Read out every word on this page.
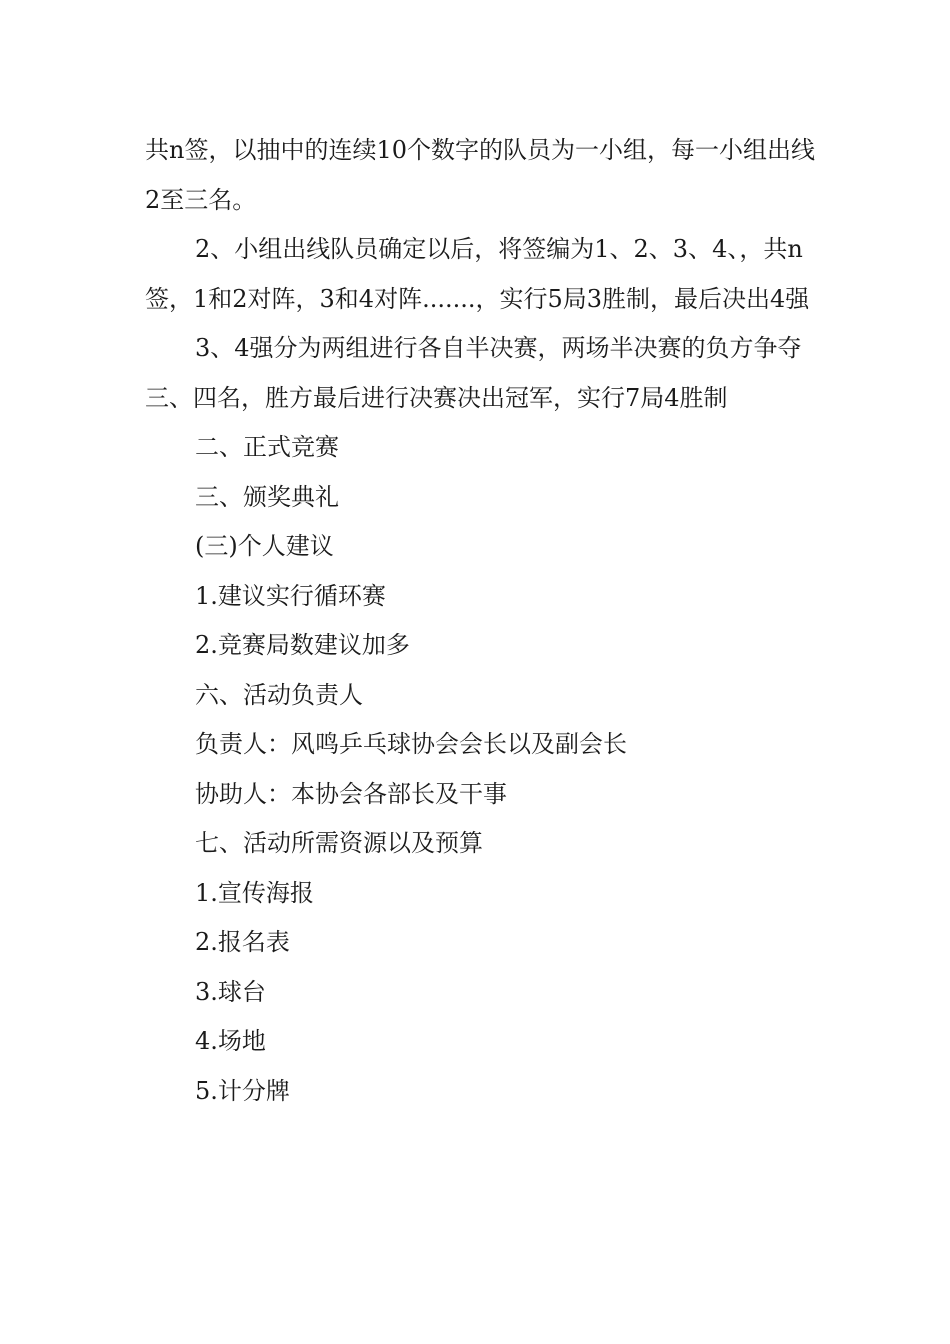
共n签，以抽中的连续10个数字的队员为一小组，每一小组出线2至三名。

2、小组出线队员确定以后，将签编为1、2、3、4、，共n签，1和2对阵，3和4对阵.......，实行5局3胜制，最后决出4强

3、4强分为两组进行各自半决赛，两场半决赛的负方争夺三、四名，胜方最后进行决赛决出冠军，实行7局4胜制

二、正式竞赛

三、颁奖典礼

(三)个人建议

1.建议实行循环赛

2.竞赛局数建议加多

六、活动负责人

负责人：风鸣乒乓球协会会长以及副会长

协助人：本协会各部长及干事

七、活动所需资源以及预算

1.宣传海报

2.报名表

3.球台

4.场地

5.计分牌
